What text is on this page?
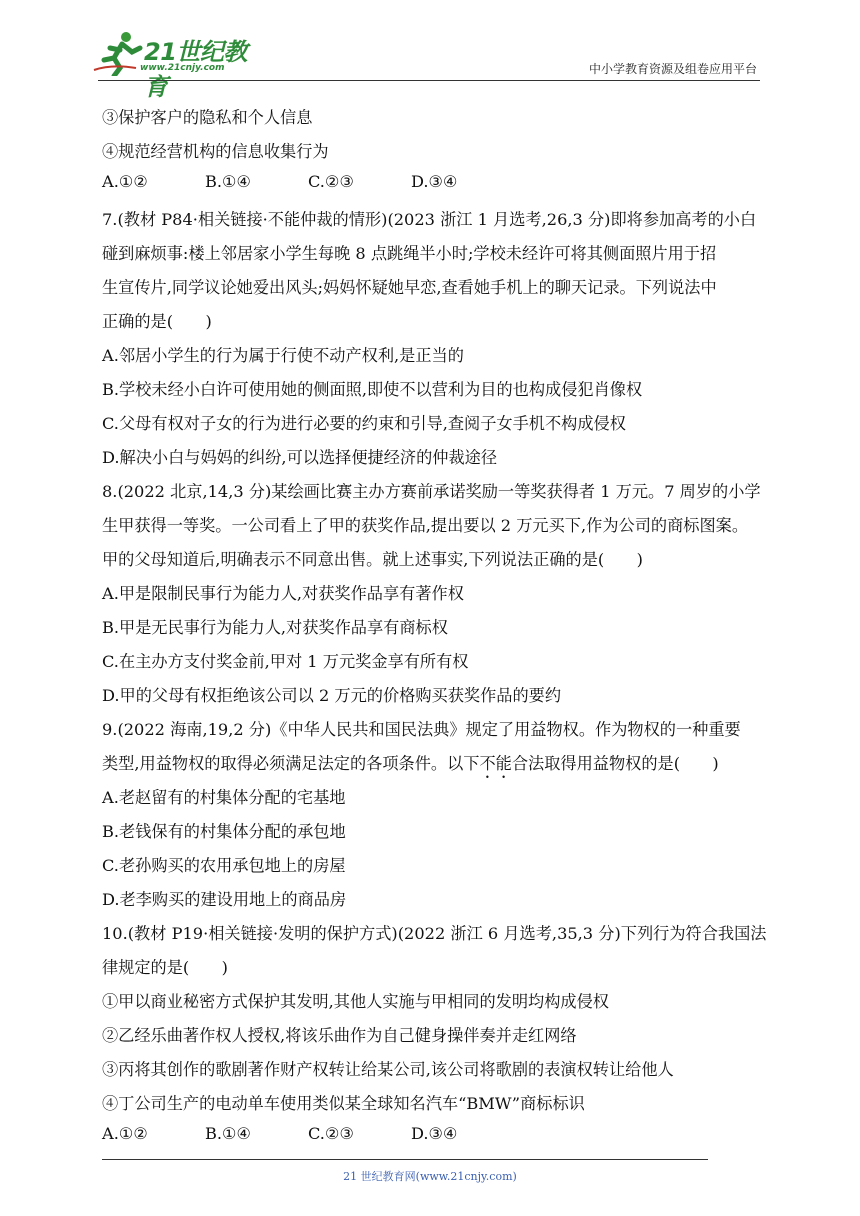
21世纪教育
www.21cnjy.com	中小学教育资源及组卷应用平台
③保护客户的隐私和个人信息
④规范经营机构的信息收集行为
A.①②	B.①④	C.②③	D.③④
7.(教材 P84·相关链接·不能仲裁的情形)(2023 浙江 1 月选考,26,3 分)即将参加高考的小白
碰到麻烦事:楼上邻居家小学生每晚 8 点跳绳半小时;学校未经许可将其侧面照片用于招
生宣传片,同学议论她爱出风头;妈妈怀疑她早恋,查看她手机上的聊天记录。下列说法中
正确的是(　　)
A.邻居小学生的行为属于行使不动产权利,是正当的
B.学校未经小白许可使用她的侧面照,即使不以营利为目的也构成侵犯肖像权
C.父母有权对子女的行为进行必要的约束和引导,查阅子女手机不构成侵权
D.解决小白与妈妈的纠纷,可以选择便捷经济的仲裁途径
8.(2022 北京,14,3 分)某绘画比赛主办方赛前承诺奖励一等奖获得者 1 万元。7 周岁的小学
生甲获得一等奖。一公司看上了甲的获奖作品,提出要以 2 万元买下,作为公司的商标图案。
甲的父母知道后,明确表示不同意出售。就上述事实,下列说法正确的是(　　)
A.甲是限制民事行为能力人,对获奖作品享有著作权
B.甲是无民事行为能力人,对获奖作品享有商标权
C.在主办方支付奖金前,甲对 1 万元奖金享有所有权
D.甲的父母有权拒绝该公司以 2 万元的价格购买获奖作品的要约
9.(2022 海南,19,2 分)《中华人民共和国民法典》规定了用益物权。作为物权的一种重要
类型,用益物权的取得必须满足法定的各项条件。以下不能合法取得用益物权的是(　　)
A.老赵留有的村集体分配的宅基地
B.老钱保有的村集体分配的承包地
C.老孙购买的农用承包地上的房屋
D.老李购买的建设用地上的商品房
10.(教材 P19·相关链接·发明的保护方式)(2022 浙江 6 月选考,35,3 分)下列行为符合我国法
律规定的是(　　)
①甲以商业秘密方式保护其发明,其他人实施与甲相同的发明均构成侵权
②乙经乐曲著作权人授权,将该乐曲作为自己健身操伴奏并走红网络
③丙将其创作的歌剧著作财产权转让给某公司,该公司将歌剧的表演权转让给他人
④丁公司生产的电动单车使用类似某全球知名汽车“BMW”商标标识
A.①②	B.①④	C.②③	D.③④
21 世纪教育网(www.21cnjy.com)
